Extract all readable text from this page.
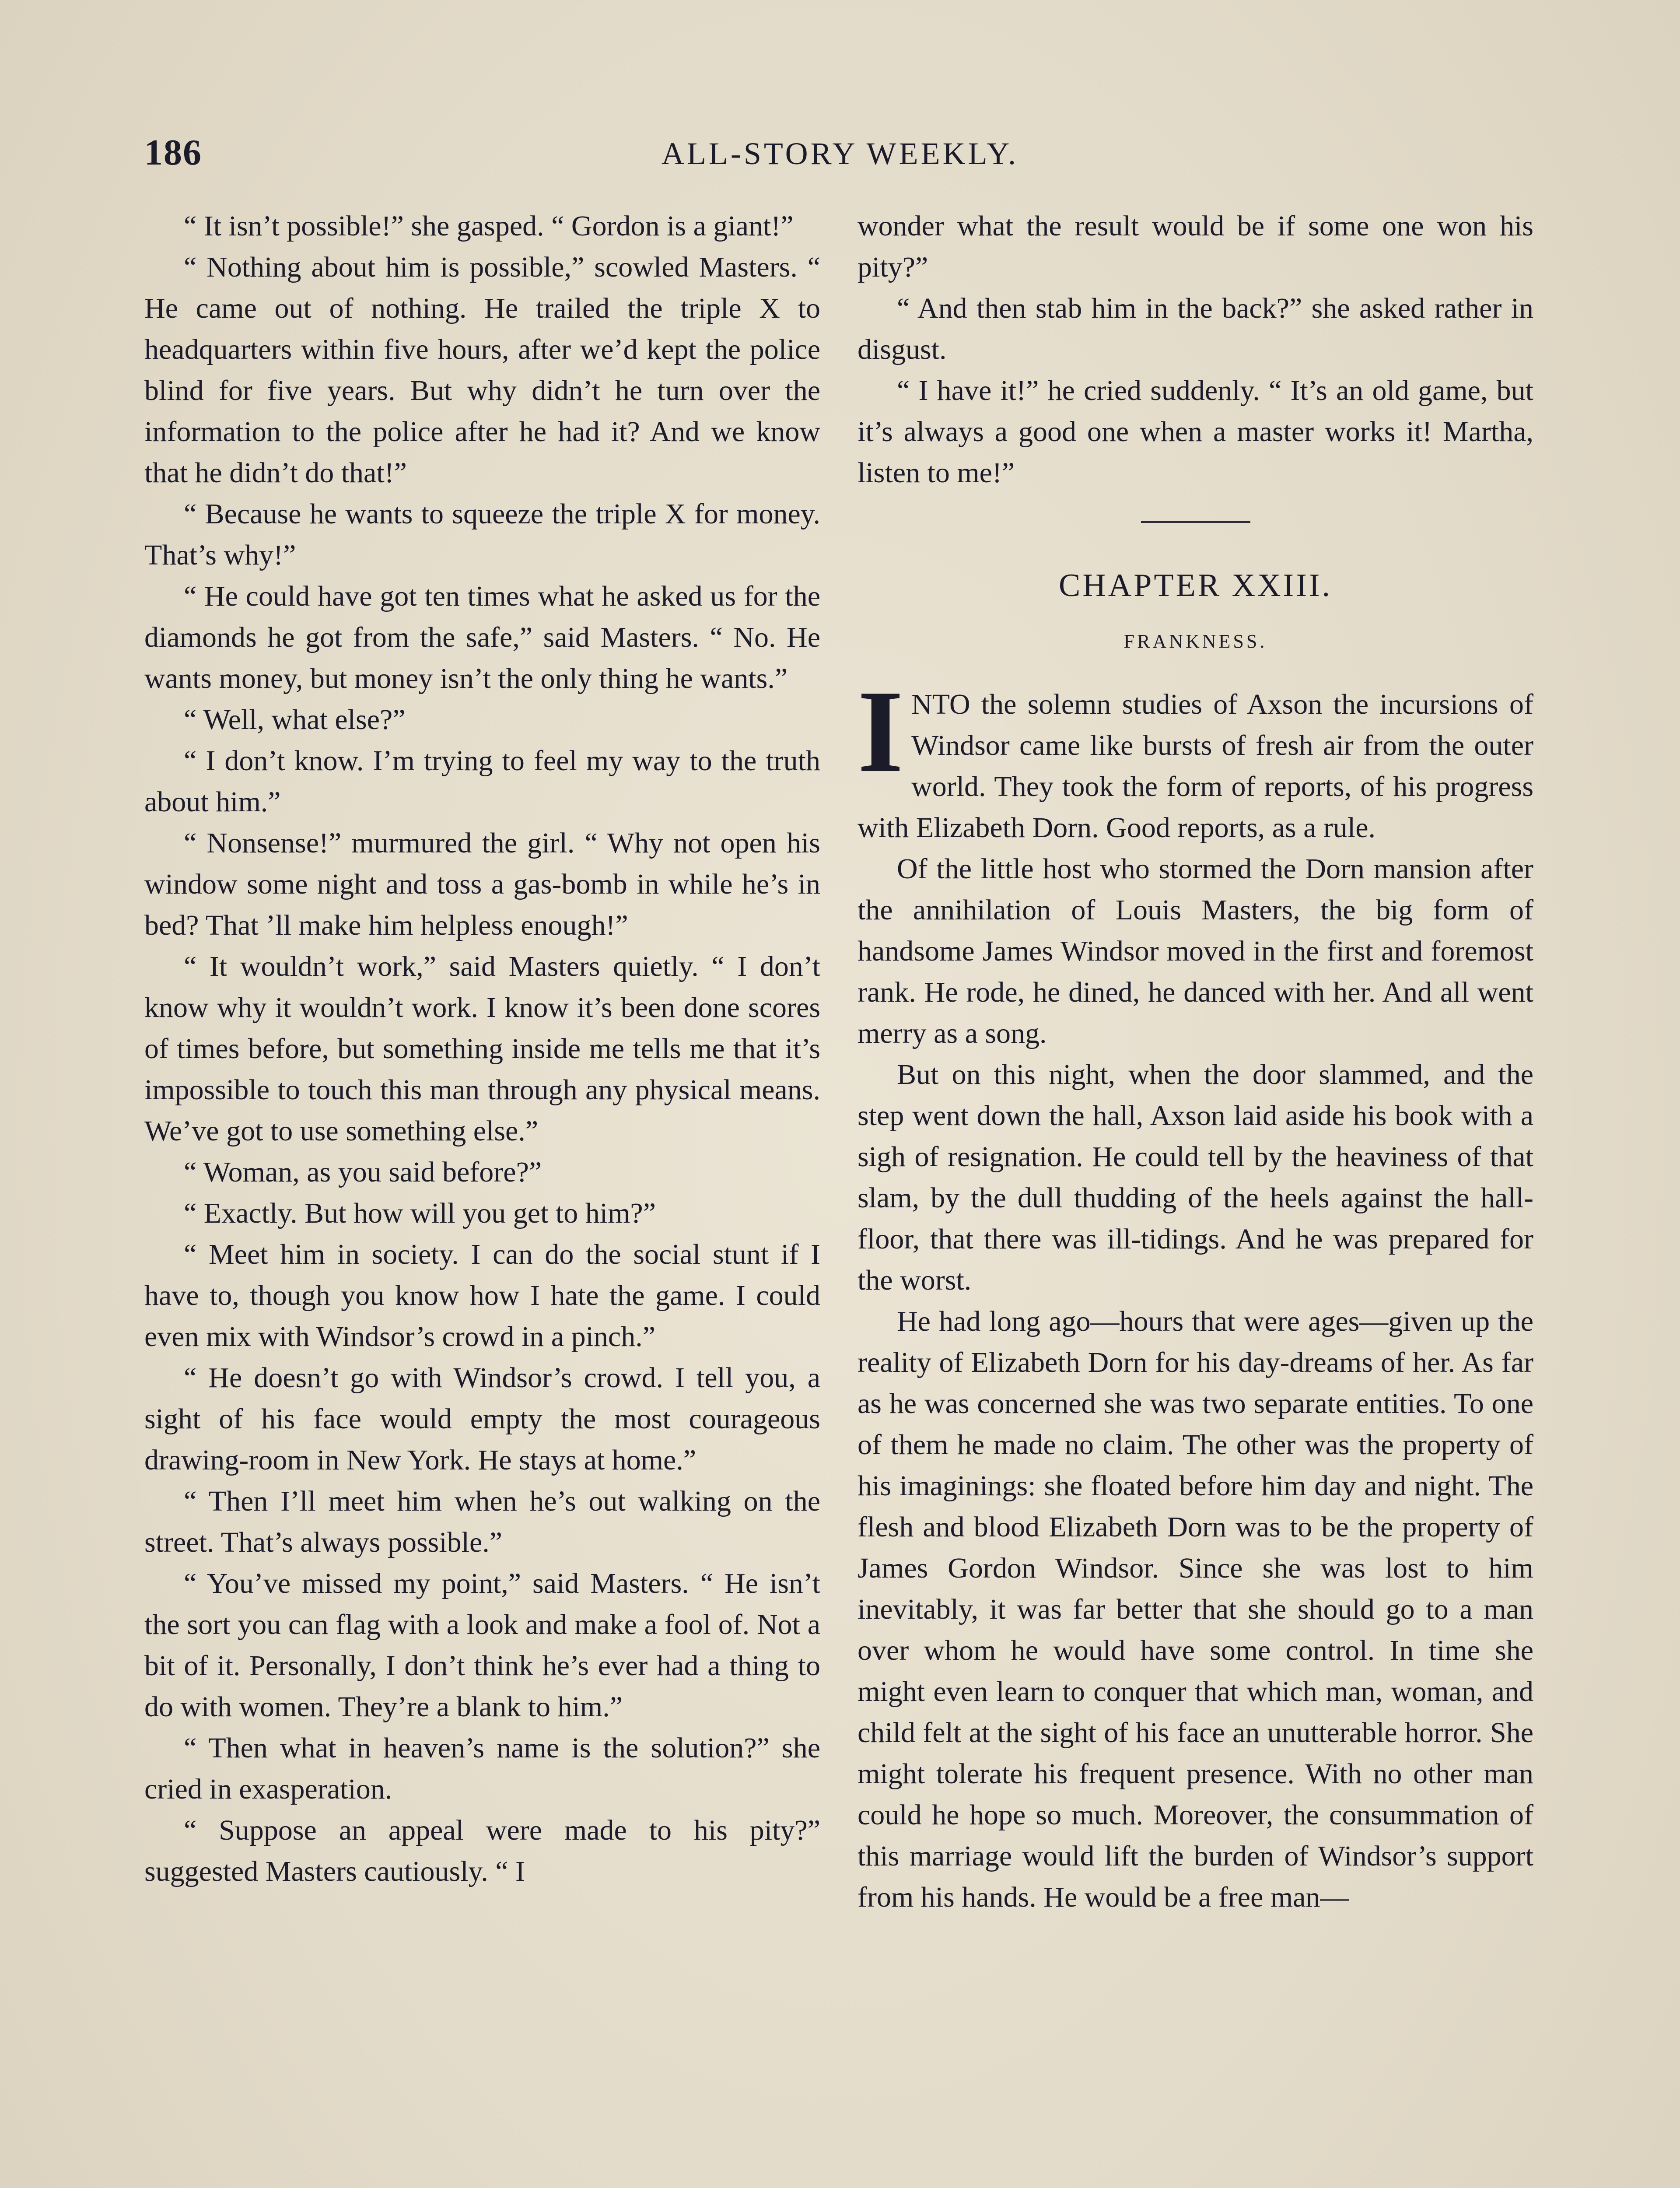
186	ALL-STORY WEEKLY.

“ It isn’t possible!” she gasped. “ Gordon is a giant!”

“ Nothing about him is possible,” scowled Masters. “ He came out of nothing. He trailed the triple X to headquarters within five hours, after we’d kept the police blind for five years. But why didn’t he turn over the information to the police after he had it? And we know that he didn’t do that!”

“ Because he wants to squeeze the triple X for money. That’s why!”

“ He could have got ten times what he asked us for the diamonds he got from the safe,” said Masters. “ No. He wants money, but money isn’t the only thing he wants.”

“ Well, what else?”

“ I don’t know. I’m trying to feel my way to the truth about him.”

“ Nonsense!” murmured the girl. “ Why not open his window some night and toss a gas-bomb in while he’s in bed? That ’ll make him helpless enough!”

“ It wouldn’t work,” said Masters quietly. “ I don’t know why it wouldn’t work. I know it’s been done scores of times before, but something inside me tells me that it’s impossible to touch this man through any physical means. We’ve got to use something else.”

“ Woman, as you said before?”

“ Exactly. But how will you get to him?”

“ Meet him in society. I can do the social stunt if I have to, though you know how I hate the game. I could even mix with Windsor’s crowd in a pinch.”

“ He doesn’t go with Windsor’s crowd. I tell you, a sight of his face would empty the most courageous drawing-room in New York. He stays at home.”

“ Then I’ll meet him when he’s out walking on the street. That’s always possible.”

“ You’ve missed my point,” said Masters. “ He isn’t the sort you can flag with a look and make a fool of. Not a bit of it. Personally, I don’t think he’s ever had a thing to do with women. They’re a blank to him.”

“ Then what in heaven’s name is the solution?” she cried in exasperation.

“ Suppose an appeal were made to his pity?” suggested Masters cautiously. “ I

wonder what the result would be if some one won his pity?”

“ And then stab him in the back?” she asked rather in disgust.

“ I have it!” he cried suddenly. “ It’s an old game, but it’s always a good one when a master works it! Martha, listen to me!”

CHAPTER XXIII.
FRANKNESS.

INTO the solemn studies of Axson the incursions of Windsor came like bursts of fresh air from the outer world. They took the form of reports, of his progress with Elizabeth Dorn. Good reports, as a rule.

Of the little host who stormed the Dorn mansion after the annihilation of Louis Masters, the big form of handsome James Windsor moved in the first and foremost rank. He rode, he dined, he danced with her. And all went merry as a song.

But on this night, when the door slammed, and the step went down the hall, Axson laid aside his book with a sigh of resignation. He could tell by the heaviness of that slam, by the dull thudding of the heels against the hall-floor, that there was ill-tidings. And he was prepared for the worst.

He had long ago—hours that were ages—given up the reality of Elizabeth Dorn for his day-dreams of her. As far as he was concerned she was two separate entities. To one of them he made no claim. The other was the property of his imaginings: she floated before him day and night. The flesh and blood Elizabeth Dorn was to be the property of James Gordon Windsor. Since she was lost to him inevitably, it was far better that she should go to a man over whom he would have some control. In time she might even learn to conquer that which man, woman, and child felt at the sight of his face an unutterable horror. She might tolerate his frequent presence. With no other man could he hope so much. Moreover, the consummation of this marriage would lift the burden of Windsor’s support from his hands. He would be a free man—
